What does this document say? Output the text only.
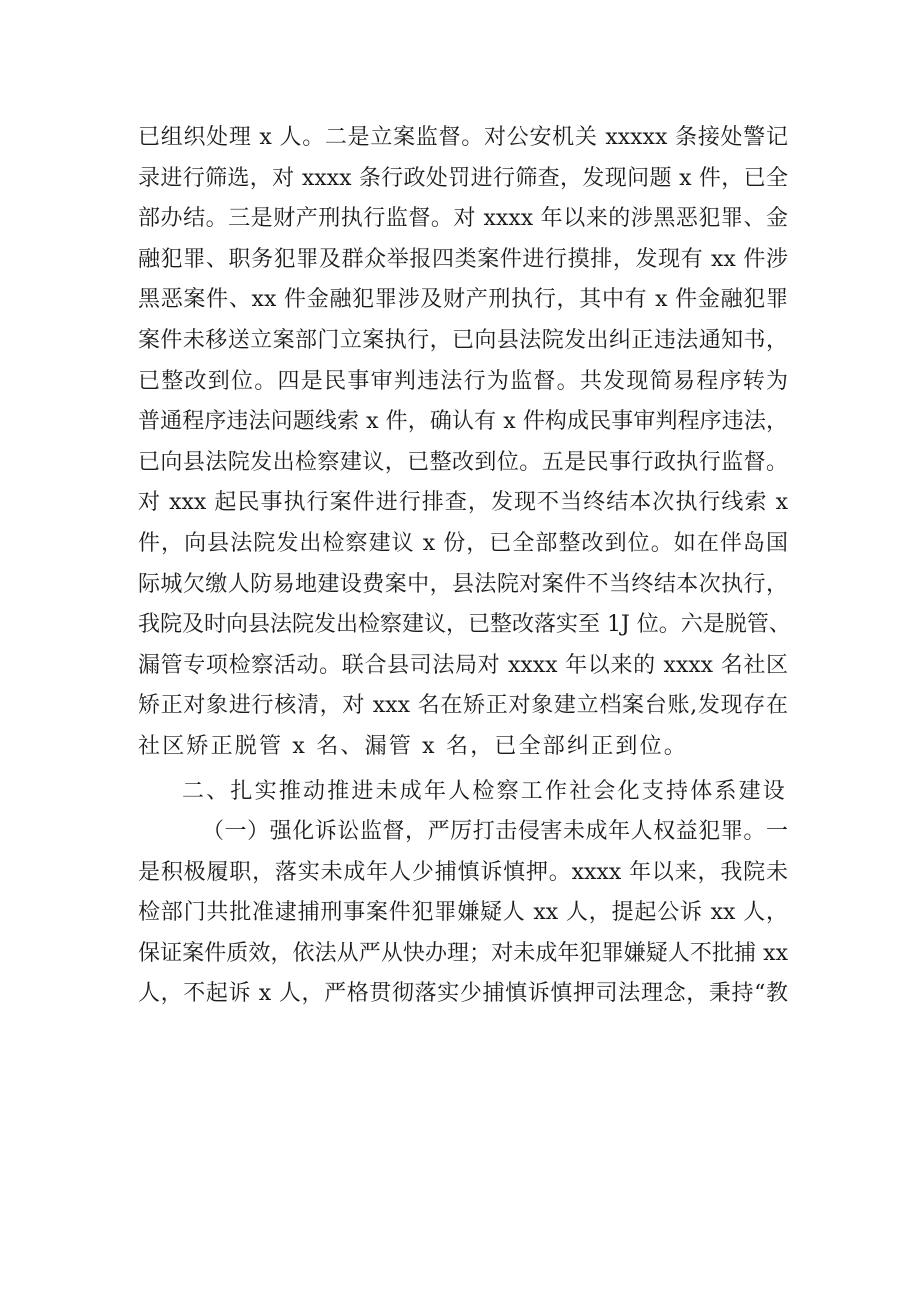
已组织处理 x 人。二是立案监督。对公安机关 xxxxx 条接处警记
录进行筛选，对 xxxx 条行政处罚进行筛查，发现问题 x 件，已全
部办结。三是财产刑执行监督。对 xxxx 年以来的涉黑恶犯罪、金
融犯罪、职务犯罪及群众举报四类案件进行摸排，发现有 xx 件涉
黑恶案件、xx 件金融犯罪涉及财产刑执行，其中有 x 件金融犯罪
案件未移送立案部门立案执行，已向县法院发出纠正违法通知书，
已整改到位。四是民事审判违法行为监督。共发现简易程序转为
普通程序违法问题线索 x 件，确认有 x 件构成民事审判程序违法，
已向县法院发出检察建议，已整改到位。五是民事行政执行监督。
对 xxx 起民事执行案件进行排查，发现不当终结本次执行线索 x
件，向县法院发出检察建议 x 份，已全部整改到位。如在伴岛国
际城欠缴人防易地建设费案中，县法院对案件不当终结本次执行，
我院及时向县法院发出检察建议，已整改落实至 1J 位。六是脱管、
漏管专项检察活动。联合县司法局对 xxxx 年以来的 xxxx 名社区
矫正对象进行核清，对 xxx 名在矫正对象建立档案台账,发现存在
社区矫正脱管 x 名、漏管 x 名，已全部纠正到位。
二、扎实推动推进未成年人检察工作社会化支持体系建设
（一）强化诉讼监督，严厉打击侵害未成年人权益犯罪。一
是积极履职，落实未成年人少捕慎诉慎押。xxxx 年以来，我院未
检部门共批准逮捕刑事案件犯罪嫌疑人 xx 人，提起公诉 xx 人，
保证案件质效，依法从严从快办理；对未成年犯罪嫌疑人不批捕 xx
人，不起诉 x 人，严格贯彻落实少捕慎诉慎押司法理念，秉持“教
